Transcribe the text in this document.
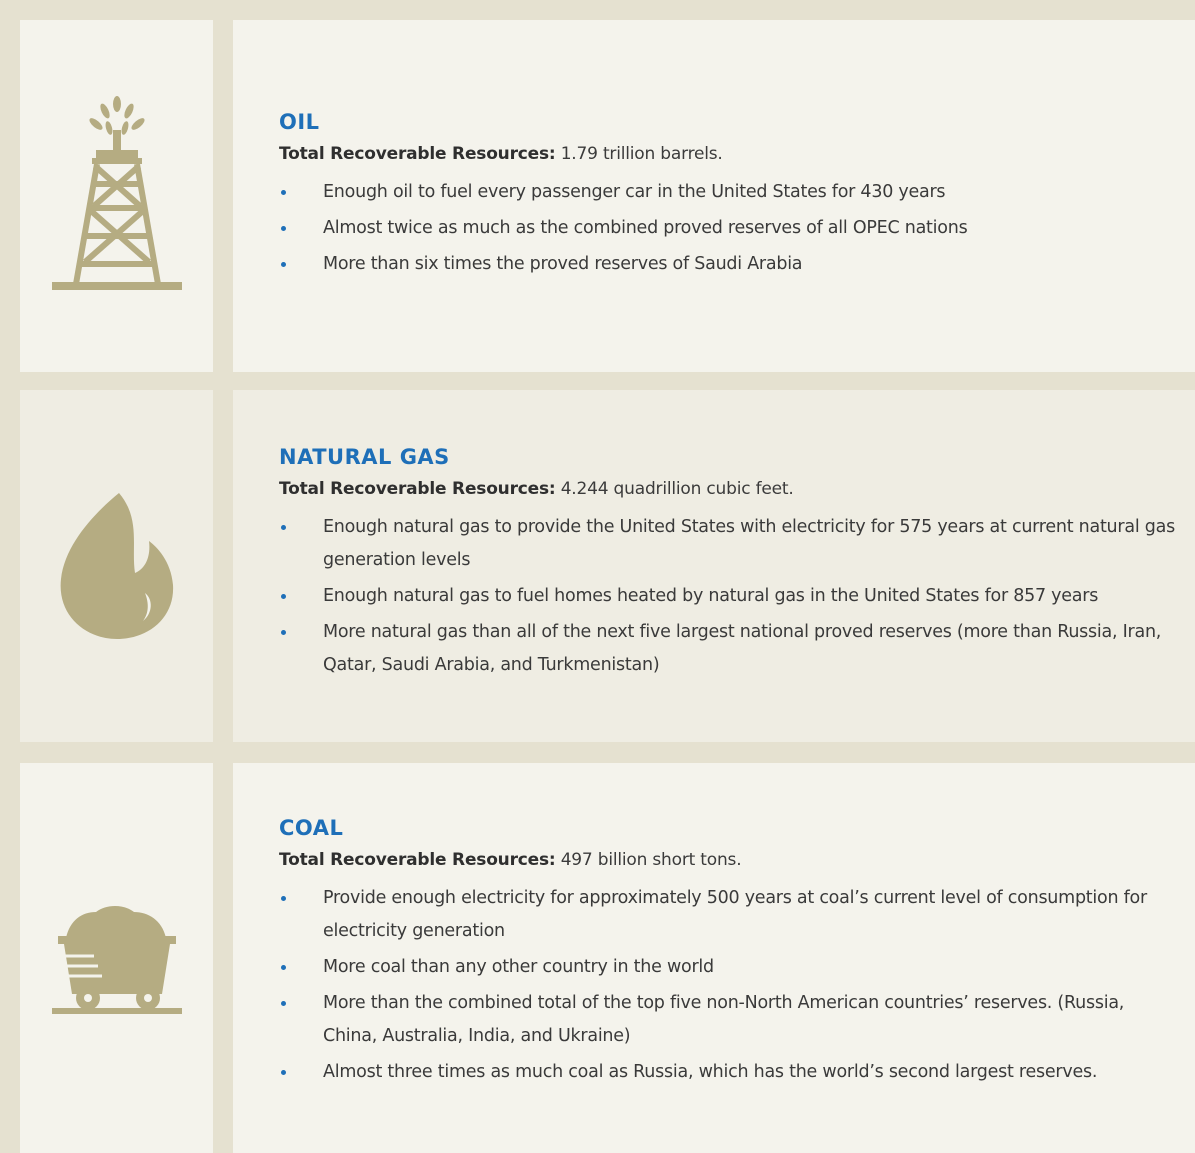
OIL

Total Recoverable Resources: 1.79 trillion barrels.

Enough oil to fuel every passenger car in the United States for 430 years
Almost twice as much as the combined proved reserves of all OPEC nations
More than six times the proved reserves of Saudi Arabia
NATURAL GAS

Total Recoverable Resources: 4.244 quadrillion cubic feet.

Enough natural gas to provide the United States with electricity for 575 years at current natural gas generation levels
Enough natural gas to fuel homes heated by natural gas in the United States for 857 years
More natural gas than all of the next five largest national proved reserves (more than Russia, Iran, Qatar, Saudi Arabia, and Turkmenistan)
COAL

Total Recoverable Resources: 497 billion short tons.

Provide enough electricity for approximately 500 years at coal’s current level of consumption for electricity generation
More coal than any other country in the world
More than the combined total of the top five non-North American countries’ reserves. (Russia, China, Australia, India, and Ukraine)
Almost three times as much coal as Russia, which has the world’s second largest reserves.
